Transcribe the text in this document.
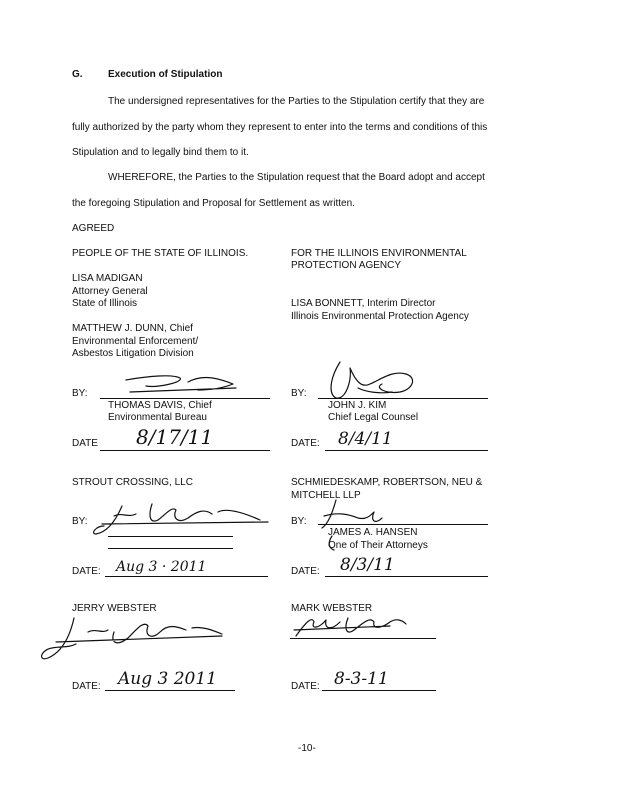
G.	Execution of Stipulation
The undersigned representatives for the Parties to the Stipulation certify that they are
fully authorized by the party whom they represent to enter into the terms and conditions of this
Stipulation and to legally bind them to it.
WHEREFORE, the Parties to the Stipulation request that the Board adopt and accept
the foregoing Stipulation and Proposal for Settlement as written.
AGREED
PEOPLE OF THE STATE OF ILLINOIS.
LISA MADIGAN
Attorney General
State of Illinois
MATTHEW J. DUNN, Chief
Environmental Enforcement/
Asbestos Litigation Division
BY:
THOMAS DAVIS, Chief
Environmental Bureau
DATE 8/17/11
FOR THE ILLINOIS ENVIRONMENTAL
PROTECTION AGENCY
LISA BONNETT, Interim Director
Illinois Environmental Protection Agency
BY:
JOHN J. KIM
Chief Legal Counsel
DATE: 8/4/11
STROUT CROSSING, LLC
BY:
DATE: Aug 3 · 2011
SCHMIEDESKAMP, ROBERTSON, NEU &
MITCHELL LLP
BY:
JAMES A. HANSEN
One of Their Attorneys
DATE: 8/3/11
JERRY WEBSTER
DATE: Aug 3 2011
MARK WEBSTER
DATE: 8-3-11
-10-
